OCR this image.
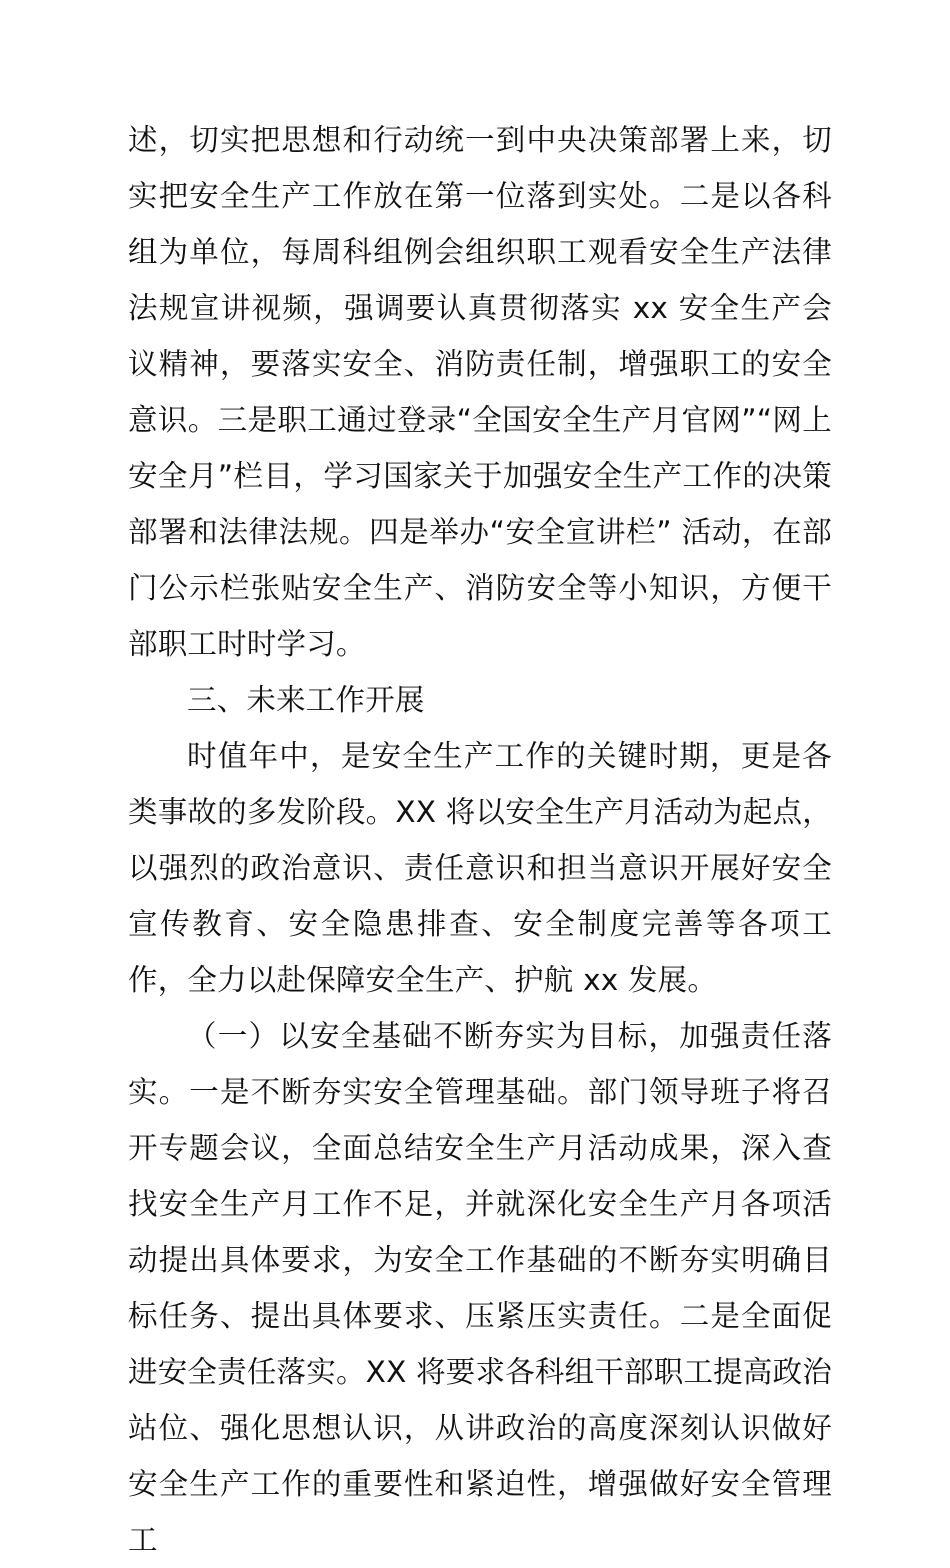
述，切实把思想和行动统一到中央决策部署上来，切实把安全生产工作放在第一位落到实处。二是以各科组为单位，每周科组例会组织职工观看安全生产法律法规宣讲视频，强调要认真贯彻落实 xx 安全生产会议精神，要落实安全、消防责任制，增强职工的安全意识。三是职工通过登录“全国安全生产月官网”“网上安全月”栏目，学习国家关于加强安全生产工作的决策部署和法律法规。四是举办“安全宣讲栏” 活动，在部门公示栏张贴安全生产、消防安全等小知识，方便干部职工时时学习。

三、未来工作开展

时值年中，是安全生产工作的关键时期，更是各类事故的多发阶段。XX 将以安全生产月活动为起点，以强烈的政治意识、责任意识和担当意识开展好安全宣传教育、安全隐患排查、安全制度完善等各项工作，全力以赴保障安全生产、护航 xx 发展。

（一）以安全基础不断夯实为目标，加强责任落实。一是不断夯实安全管理基础。部门领导班子将召开专题会议，全面总结安全生产月活动成果，深入查找安全生产月工作不足，并就深化安全生产月各项活动提出具体要求，为安全工作基础的不断夯实明确目标任务、提出具体要求、压紧压实责任。二是全面促进安全责任落实。XX 将要求各科组干部职工提高政治站位、强化思想认识，从讲政治的高度深刻认识做好安全生产工作的重要性和紧迫性，增强做好安全管理工
